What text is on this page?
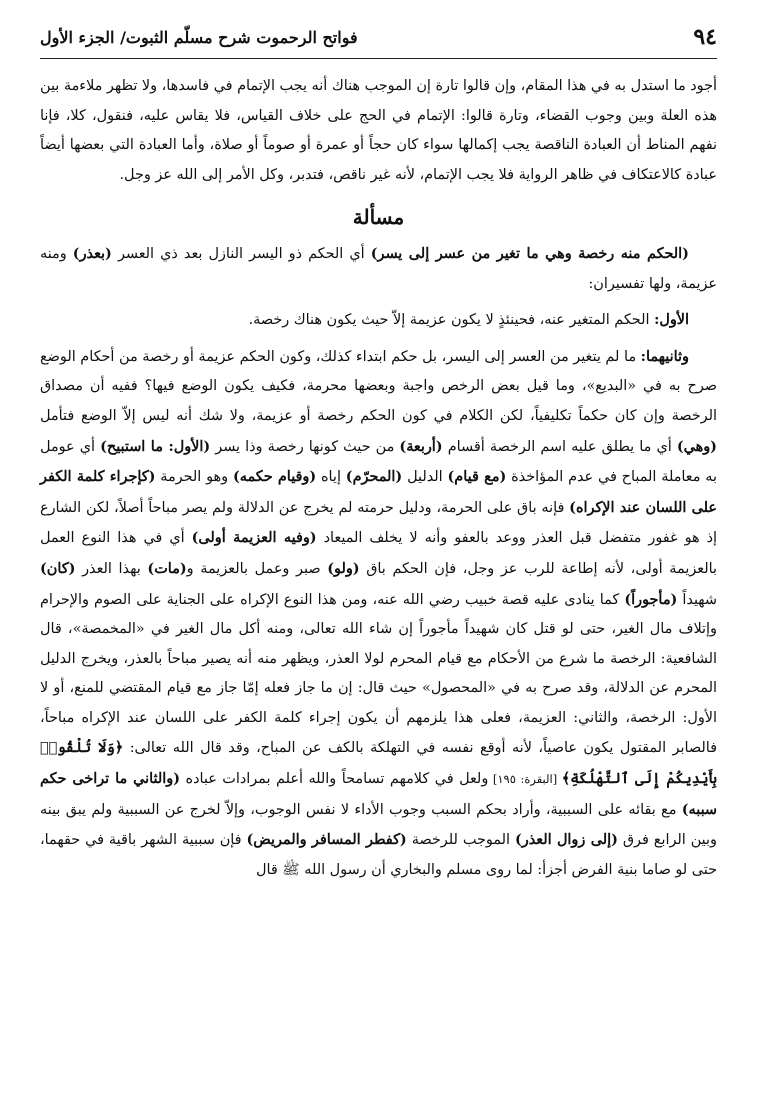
٩٤
فواتح الرحموت شرح مسلّم الثبوت/ الجزء الأول

أجود ما استدل به في هذا المقام، وإن قالوا تارة إن الموجب هناك أنه يجب الإتمام في فاسدها، ولا تظهر ملاءمة بين هذه العلة وبين وجوب القضاء، وتارة قالوا: الإتمام في الحج على خلاف القياس، فلا يقاس عليه، فنقول، كلا، فإنا نفهم المناط أن العبادة الناقصة يجب إكمالها سواء كان حجاً أو عمرة أو صوماً أو صلاة، وأما العبادة التي بعضها أيضاً عبادة كالاعتكاف في ظاهر الرواية فلا يجب الإتمام، لأنه غير ناقص، فتدبر، وكل الأمر إلى الله عز وجل.

مسألة

(الحكم منه رخصة وهي ما تغير من عسر إلى يسر) أي الحكم ذو اليسر النازل بعد ذي العسر (بعذر) ومنه عزيمة، ولها تفسيران:

الأول: الحكم المتغير عنه، فحينئذٍ لا يكون عزيمة إلاّ حيث يكون هناك رخصة.

وثانيهما: ما لم يتغير من العسر إلى اليسر، بل حكم ابتداء كذلك، وكون الحكم عزيمة أو رخصة من أحكام الوضع صرح به في «البديع»، وما قيل بعض الرخص واجبة وبعضها محرمة، فكيف يكون الوضع فيها؟ ففيه أن مصداق الرخصة وإن كان حكماً تكليفياً، لكن الكلام في كون الحكم رخصة أو عزيمة، ولا شك أنه ليس إلاّ الوضع فتأمل (وهي) أي ما يطلق عليه اسم الرخصة أقسام (أربعة) من حيث كونها رخصة وذا يسر (الأول: ما استبيح) أي عومل به معاملة المباح في عدم المؤاخذة (مع قيام) الدليل (المحرّم) إياه (وقيام حكمه) وهو الحرمة (كإجراء كلمة الكفر على اللسان عند الإكراه) فإنه باق على الحرمة، ودليل حرمته لم يخرج عن الدلالة ولم يصر مباحاً أصلاً، لكن الشارع إذ هو غفور متفضل قبل العذر ووعد بالعفو وأنه لا يخلف الميعاد (وفيه العزيمة أولى) أي في هذا النوع العمل بالعزيمة أولى، لأنه إطاعة للرب عز وجل، فإن الحكم باق (ولو) صبر وعمل بالعزيمة و(مات) بهذا العذر (كان) شهيداً (مأجوراً) كما ينادى عليه قصة خبيب رضي الله عنه، ومن هذا النوع الإكراه على الجناية على الصوم والإحرام وإتلاف مال الغير، حتى لو قتل كان شهيداً مأجوراً إن شاء الله تعالى، ومنه أكل مال الغير في «المخمصة»، قال الشافعية: الرخصة ما شرع من الأحكام مع قيام المحرم لولا العذر، ويظهر منه أنه يصير مباحاً بالعذر، ويخرج الدليل المحرم عن الدلالة، وقد صرح به في «المحصول» حيث قال: إن ما جاز فعله إمّا جاز مع قيام المقتضي للمنع، أو لا الأول: الرخصة، والثاني: العزيمة، فعلى هذا يلزمهم أن يكون إجراء كلمة الكفر على اللسان عند الإكراه مباحاً، فالصابر المقتول يكون عاصياً، لأنه أوقع نفسه في التهلكة بالكف عن المباح، وقد قال الله تعالى: ﴿وَلَا تُلْقُوا۟ بِأَيْدِيكُمْ إِلَى ٱلتَّهْلُكَةِ﴾ [البقرة: ١٩٥] ولعل في كلامهم تسامحاً والله أعلم بمرادات عباده (والثاني ما تراخى حكم سببه) مع بقائه على السببية، وأراد بحكم السبب وجوب الأداء لا نفس الوجوب، وإلاّ لخرج عن السببية ولم يبق بينه وبين الرابع فرق (إلى زوال العذر) الموجب للرخصة (كفطر المسافر والمريض) فإن سببية الشهر باقية في حقهما، حتى لو صاما بنية الفرض أجزأ: لما روى مسلم والبخاري أن رسول الله ﷺ قال
